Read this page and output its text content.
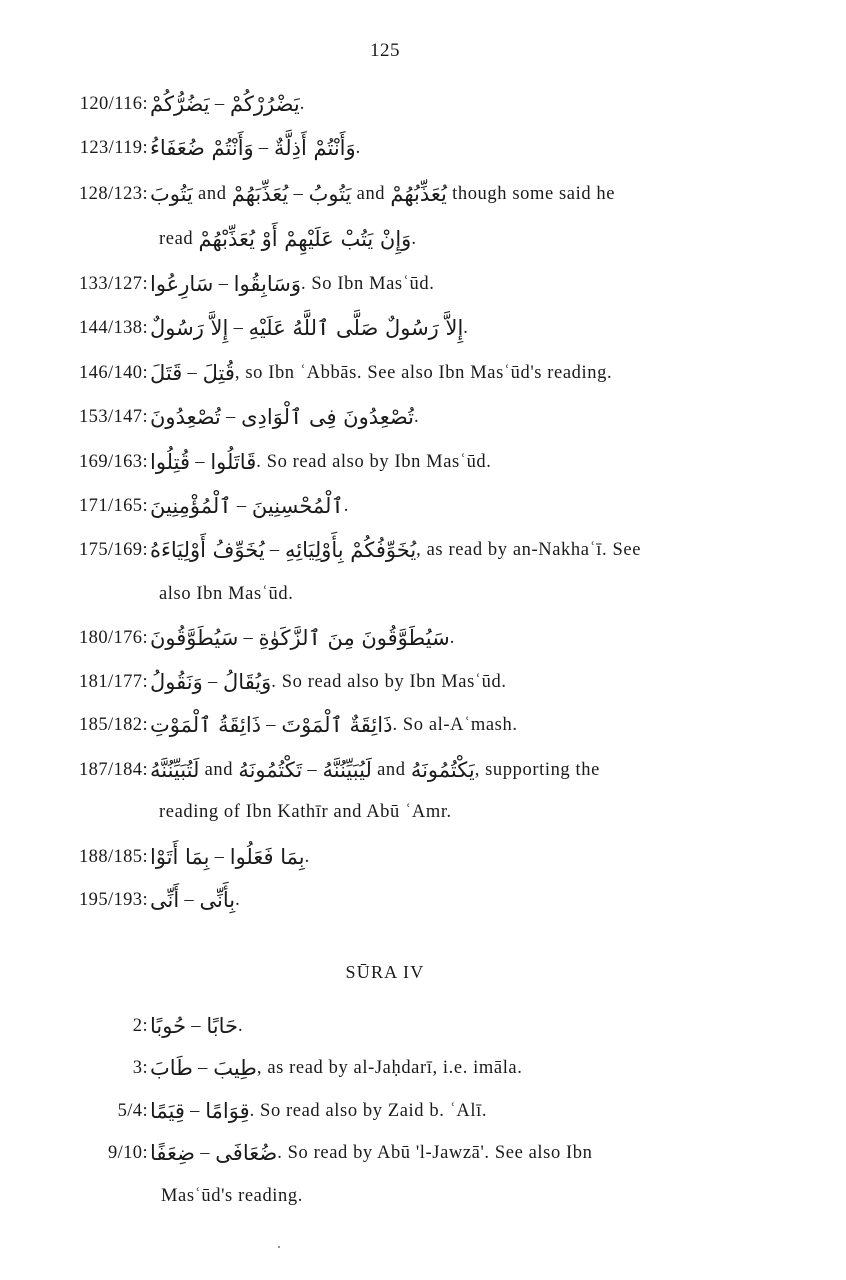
125
120/116: يَضُرُّكُمْ – يَضْرُرْكُمْ.
123/119: وَأَنْتُمْ ضُعَفَاءُ – وَأَنْتُمْ أَذِلَّةٌ.
128/123: يَتُوبَ and يُعَذِّبَهُمْ – يَتُوبُ and يُعَذِّبُهُمْ though some said he
read وَإِنْ يَتُبْ عَلَيْهِمْ أَوْ يُعَذِّبْهُمْ.
133/127: سَارِعُوا – وَسَابِقُوا. So Ibn Masʿūd.
144/138: إِلاَّ رَسُولٌ – إِلاَّ رَسُولٌ صَلَّى ٱللَّهُ عَلَيْهِ.
146/140: قَتَلَ – قُتِلَ, so Ibn ʿAbbās. See also Ibn Masʿūd's reading.
153/147: تُصْعِدُونَ – تُصْعِدُونَ فِى ٱلْوَادِى.
169/163: قُتِلُوا – قَاتَلُوا. So read also by Ibn Masʿūd.
171/165: ٱلْمُؤْمِنِينَ – ٱلْمُحْسِنِينَ.
175/169: يُخَوِّفُ أَوْلِيَاءَهُ – يُخَوِّفُكُمْ بِأَوْلِيَائِهِ, as read by an-Nakhaʿī. See
also Ibn Masʿūd.
180/176: سَيُطَوَّقُونَ – سَيُطَوَّقُونَ مِنَ ٱلزَّكَوٰةِ.
181/177: وَنَقُولُ – وَيُقَالُ. So read also by Ibn Masʿūd.
185/182: ذَائِقَةُ ٱلْمَوْتِ – ذَائِقَةٌ ٱلْمَوْتَ. So al-Aʿmash.
187/184: لَتُبَيِّنُنَّهُ and تَكْتُمُونَهُ – لَيُبَيِّنُنَّهُ and يَكْتُمُونَهُ, supporting the
reading of Ibn Kathīr and Abū ʿAmr.
188/185: بِمَا أَتَوْا – بِمَا فَعَلُوا.
195/193: أَنِّى – بِأَنِّى.
SŪRA IV
2: حُوبًا – حَابًا.
3: طَابَ – طِيبَ, as read by al-Jaḥdarī, i.e. imāla.
5/4: قِيَمًا – قِوَامًا. So read also by Zaid b. ʿAlī.
9/10: ضِعَفًا – ضُعَافَى. So read by Abū 'l-Jawzā'. See also Ibn
Masʿūd's reading.
